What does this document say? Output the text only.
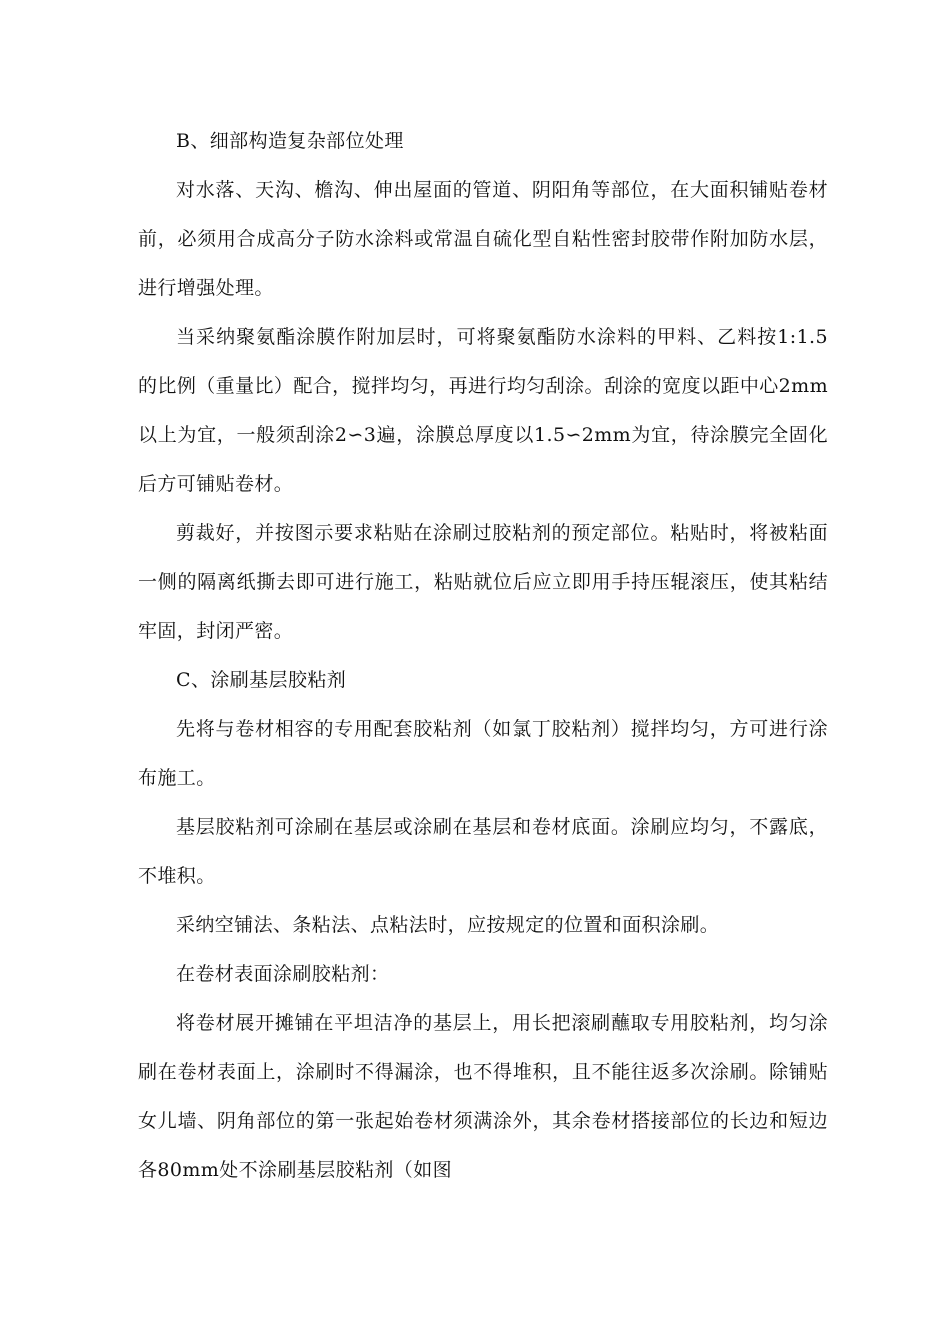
B、细部构造复杂部位处理

对水落、天沟、檐沟、伸出屋面的管道、阴阳角等部位，在大面积铺贴卷材前，必须用合成高分子防水涂料或常温自硫化型自粘性密封胶带作附加防水层，进行增强处理。

当采纳聚氨酯涂膜作附加层时，可将聚氨酯防水涂料的甲料、乙料按1:1.5的比例（重量比）配合，搅拌均匀，再进行均匀刮涂。刮涂的宽度以距中心2mm以上为宜，一般须刮涂2∽3遍，涂膜总厚度以1.5∽2mm为宜，待涂膜完全固化后方可铺贴卷材。

剪裁好，并按图示要求粘贴在涂刷过胶粘剂的预定部位。粘贴时，将被粘面一侧的隔离纸撕去即可进行施工，粘贴就位后应立即用手持压辊滚压，使其粘结牢固，封闭严密。

C、涂刷基层胶粘剂

先将与卷材相容的专用配套胶粘剂（如氯丁胶粘剂）搅拌均匀，方可进行涂布施工。

基层胶粘剂可涂刷在基层或涂刷在基层和卷材底面。涂刷应均匀，不露底，不堆积。

采纳空铺法、条粘法、点粘法时，应按规定的位置和面积涂刷。

在卷材表面涂刷胶粘剂：

将卷材展开摊铺在平坦洁净的基层上，用长把滚刷蘸取专用胶粘剂，均匀涂刷在卷材表面上，涂刷时不得漏涂，也不得堆积，且不能往返多次涂刷。除铺贴女儿墙、阴角部位的第一张起始卷材须满涂外，其余卷材搭接部位的长边和短边各80mm处不涂刷基层胶粘剂（如图
